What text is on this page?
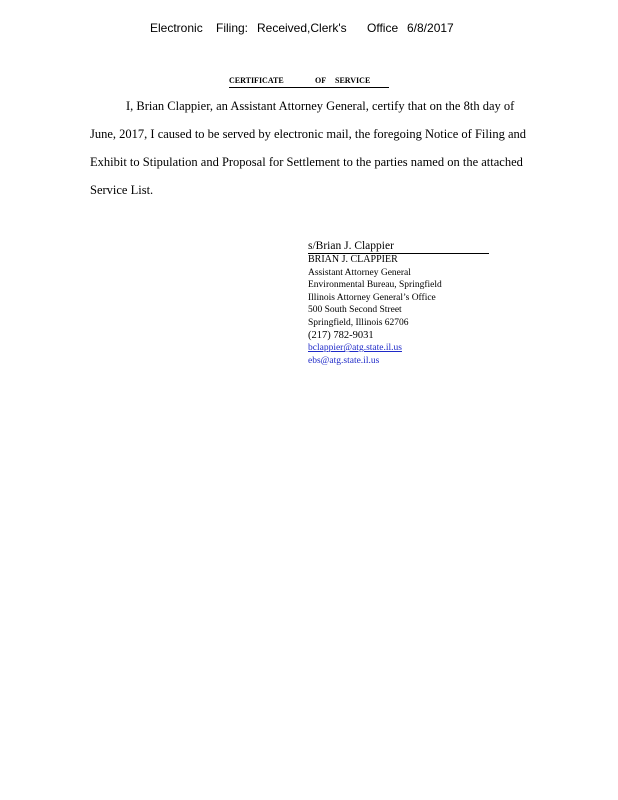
Electronic Filing: Received,Clerk's Office 6/8/2017
CERTIFICATE	OF SERVICE
I, Brian Clappier, an Assistant Attorney General, certify that on the 8th day of
June, 2017, I caused to be served by electronic mail, the foregoing Notice of Filing and
Exhibit to Stipulation and Proposal for Settlement to the parties named on the attached
Service List.
s/Brian J. Clappier
BRIAN J. CLAPPIER
Assistant Attorney General
Environmental Bureau, Springfield
Illinois Attorney General’s Office
500 South Second Street
Springfield, Illinois 62706
(217) 782-9031
bclappier@atg.state.il.us
ebs@atg.state.il.us
